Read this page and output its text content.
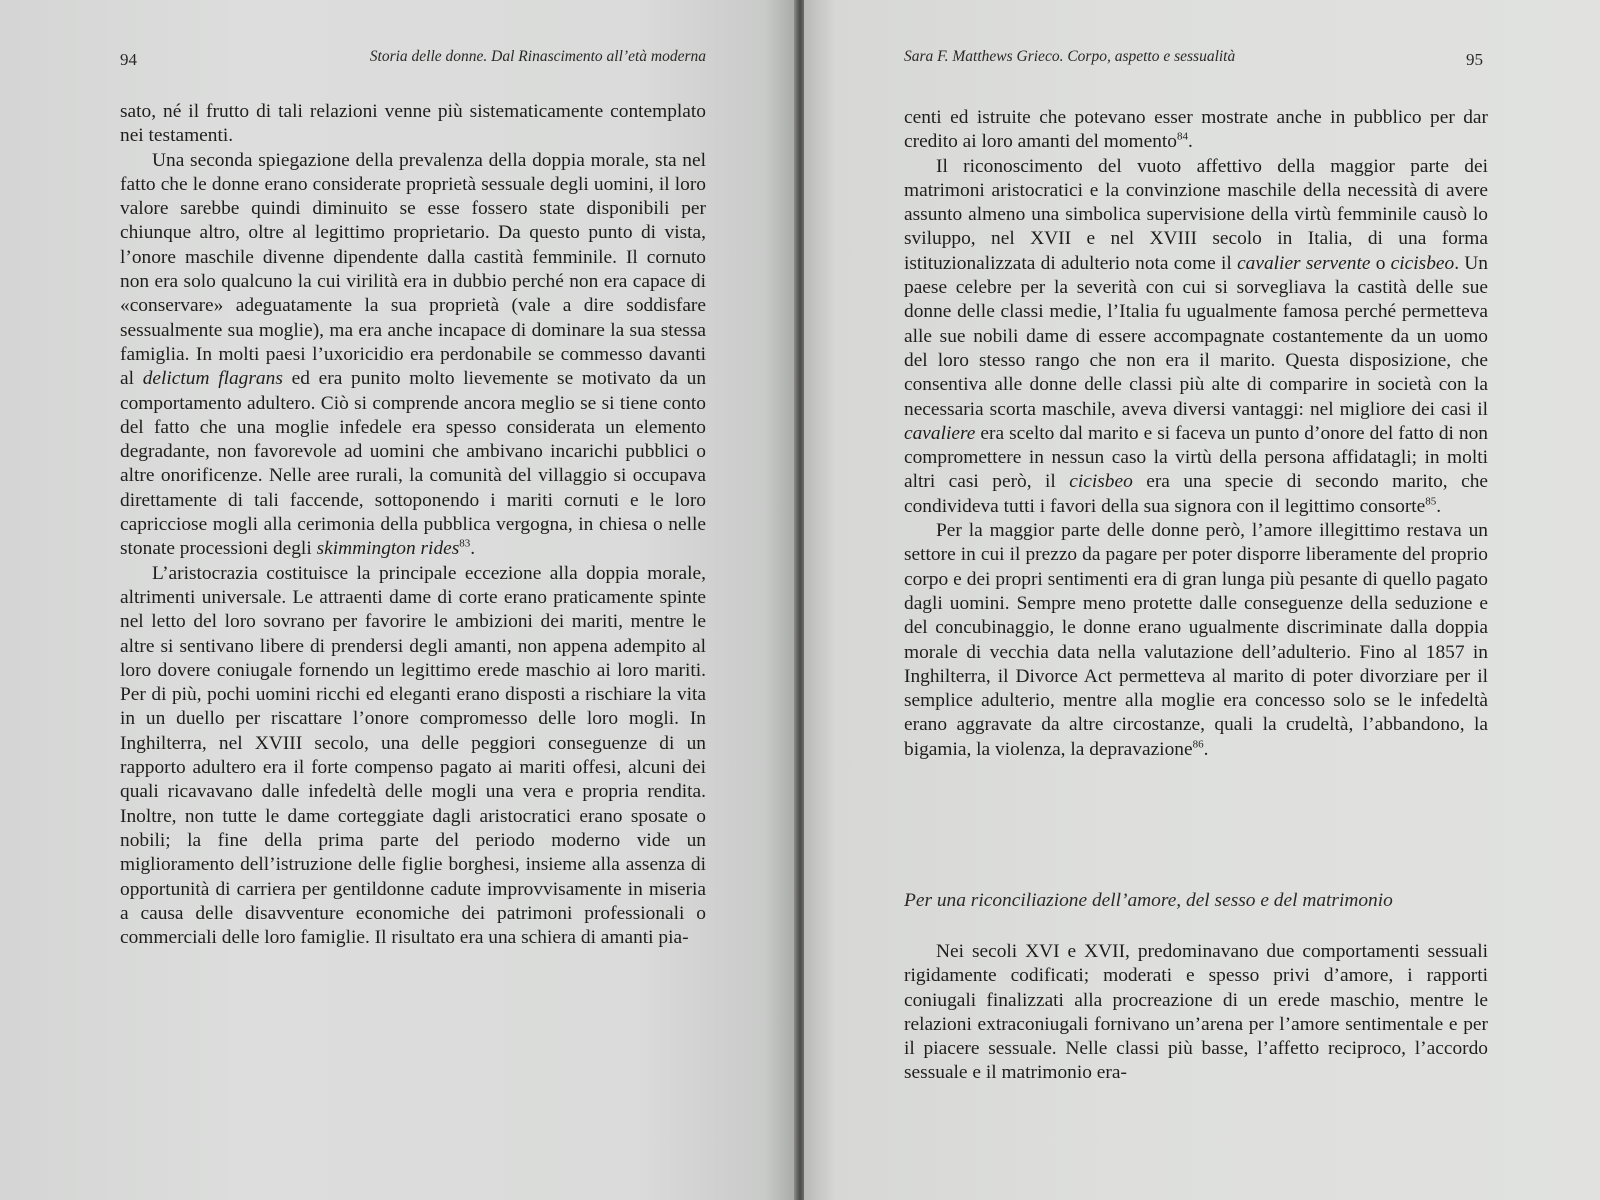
94	Storia delle donne. Dal Rinascimento all’età moderna

sato, né il frutto di tali relazioni venne più sistematicamente contemplato nei testamenti.

Una seconda spiegazione della prevalenza della doppia morale, sta nel fatto che le donne erano considerate proprietà sessuale degli uomini, il loro valore sarebbe quindi diminuito se esse fossero state disponibili per chiunque altro, oltre al legittimo proprietario. Da questo punto di vista, l’onore maschile divenne dipendente dalla castità femminile. Il cornuto non era solo qualcuno la cui virilità era in dubbio perché non era capace di «conservare» adeguatamente la sua proprietà (vale a dire soddisfare sessualmente sua moglie), ma era anche incapace di dominare la sua stessa famiglia. In molti paesi l’uxoricidio era perdonabile se commesso davanti al delictum flagrans ed era punito molto lievemente se motivato da un comportamento adultero. Ciò si comprende ancora meglio se si tiene conto del fatto che una moglie infedele era spesso considerata un elemento degradante, non favorevole ad uomini che ambivano incarichi pubblici o altre onorificenze. Nelle aree rurali, la comunità del villaggio si occupava direttamente di tali faccende, sottoponendo i mariti cornuti e le loro capricciose mogli alla cerimonia della pubblica vergogna, in chiesa o nelle stonate processioni degli skimmington rides$^{83}$.

L’aristocrazia costituisce la principale eccezione alla doppia morale, altrimenti universale. Le attraenti dame di corte erano praticamente spinte nel letto del loro sovrano per favorire le ambizioni dei mariti, mentre le altre si sentivano libere di prendersi degli amanti, non appena adempito al loro dovere coniugale fornendo un legittimo erede maschio ai loro mariti. Per di più, pochi uomini ricchi ed eleganti erano disposti a rischiare la vita in un duello per riscattare l’onore compromesso delle loro mogli. In Inghilterra, nel XVIII secolo, una delle peggiori conseguenze di un rapporto adultero era il forte compenso pagato ai mariti offesi, alcuni dei quali ricavavano dalle infedeltà delle mogli una vera e propria rendita. Inoltre, non tutte le dame corteggiate dagli aristocratici erano sposate o nobili; la fine della prima parte del periodo moderno vide un miglioramento dell’istruzione delle figlie borghesi, insieme alla assenza di opportunità di carriera per gentildonne cadute improvvisamente in miseria a causa delle disavventure economiche dei patrimoni professionali o commerciali delle loro famiglie. Il risultato era una schiera di amanti pia-

Sara F. Matthews Grieco. Corpo, aspetto e sessualità	95

centi ed istruite che potevano esser mostrate anche in pubblico per dar credito ai loro amanti del momento$^{84}$.

Il riconoscimento del vuoto affettivo della maggior parte dei matrimoni aristocratici e la convinzione maschile della necessità di avere assunto almeno una simbolica supervisione della virtù femminile causò lo sviluppo, nel XVII e nel XVIII secolo in Italia, di una forma istituzionalizzata di adulterio nota come il cavalier servente o cicisbeo. Un paese celebre per la severità con cui si sorvegliava la castità delle sue donne delle classi medie, l’Italia fu ugualmente famosa perché permetteva alle sue nobili dame di essere accompagnate costantemente da un uomo del loro stesso rango che non era il marito. Questa disposizione, che consentiva alle donne delle classi più alte di comparire in società con la necessaria scorta maschile, aveva diversi vantaggi: nel migliore dei casi il cavaliere era scelto dal marito e si faceva un punto d’onore del fatto di non compromettere in nessun caso la virtù della persona affidatagli; in molti altri casi però, il cicisbeo era una specie di secondo marito, che condivideva tutti i favori della sua signora con il legittimo consorte$^{85}$.

Per la maggior parte delle donne però, l’amore illegittimo restava un settore in cui il prezzo da pagare per poter disporre liberamente del proprio corpo e dei propri sentimenti era di gran lunga più pesante di quello pagato dagli uomini. Sempre meno protette dalle conseguenze della seduzione e del concubinaggio, le donne erano ugualmente discriminate dalla doppia morale di vecchia data nella valutazione dell’adulterio. Fino al 1857 in Inghilterra, il Divorce Act permetteva al marito di poter divorziare per il semplice adulterio, mentre alla moglie era concesso solo se le infedeltà erano aggravate da altre circostanze, quali la crudeltà, l’abbandono, la bigamia, la violenza, la depravazione$^{86}$.

Per una riconciliazione dell’amore, del sesso e del matrimonio

Nei secoli XVI e XVII, predominavano due comportamenti sessuali rigidamente codificati; moderati e spesso privi d’amore, i rapporti coniugali finalizzati alla procreazione di un erede maschio, mentre le relazioni extraconiugali fornivano un’arena per l’amore sentimentale e per il piacere sessuale. Nelle classi più basse, l’affetto reciproco, l’accordo sessuale e il matrimonio era-
